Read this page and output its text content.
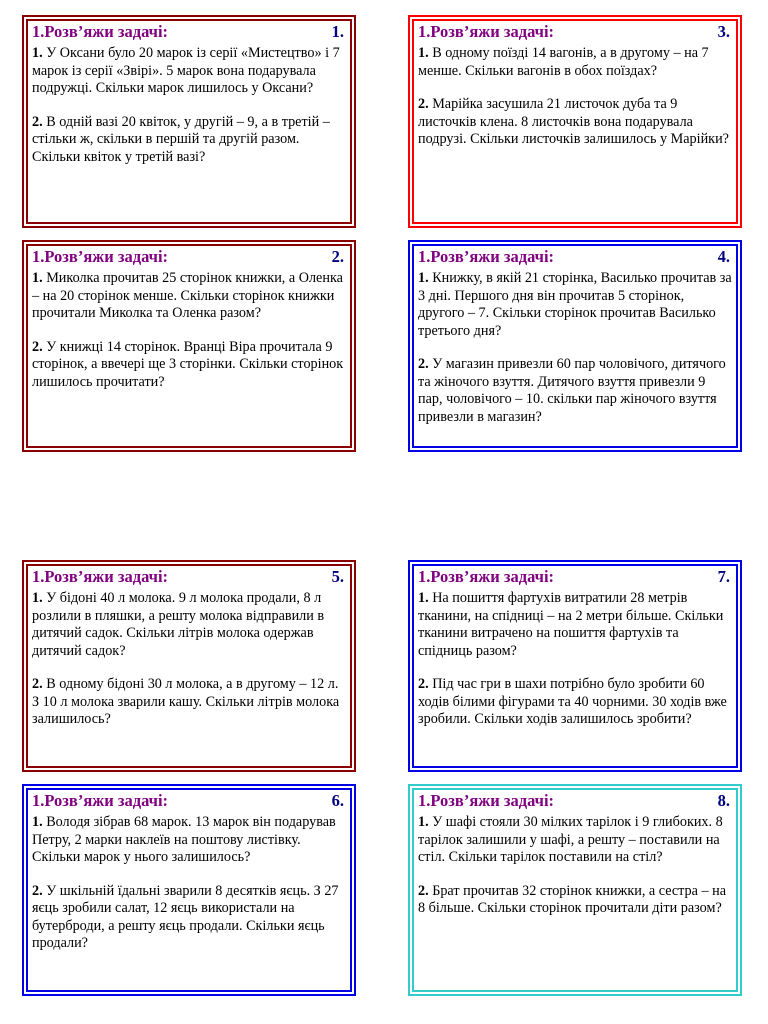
1.Розв’яжи задачі:	1.

1. У Оксани було 20 марок із серії «Мистецтво» і 7 марок із серії «Звірі». 5 марок вона подарувала подружці. Скільки марок лишилось у Оксани?

2. В одній вазі 20 квіток, у другій – 9, а в третій – стільки ж, скільки в першій та другій разом. Скільки квіток у третій вазі?

1.Розв’яжи задачі:	3.

1. В одному поїзді 14 вагонів, а в другому – на 7 менше. Скільки вагонів в обох поїздах?

2. Марійка засушила 21 листочок дуба та 9 листочків клена. 8 листочків вона подарувала подрузі. Скільки листочків залишилось у Марійки?

1.Розв’яжи задачі:	2.

1. Миколка прочитав 25 сторінок книжки, а Оленка – на 20 сторінок менше. Скільки сторінок книжки прочитали Миколка та Оленка разом?

2. У книжці 14 сторінок. Вранці Віра прочитала 9 сторінок, а ввечері ще 3 сторінки. Скільки сторінок лишилось прочитати?

1.Розв’яжи задачі:	4.

1. Книжку, в якій 21 сторінка, Василько прочитав за 3 дні. Першого дня він прочитав 5 сторінок, другого – 7. Скільки сторінок прочитав Василько третього дня?

2. У магазин привезли 60 пар чоловічого, дитячого та жіночого взуття. Дитячого взуття привезли 9 пар, чоловічого – 10. скільки пар жіночого взуття привезли в магазин?

1.Розв’яжи задачі:	5.

1. У бідоні 40 л молока. 9 л молока продали, 8 л розлили в пляшки, а решту молока відправили в дитячий садок. Скільки літрів молока одержав дитячий садок?

2. В одному бідоні 30 л молока, а в другому – 12 л. З 10 л молока зварили кашу. Скільки літрів молока залишилось?

1.Розв’яжи задачі:	7.

1. На пошиття фартухів витратили 28 метрів тканини, на спідниці – на 2 метри більше. Скільки тканини витрачено на пошиття фартухів та спідниць разом?

2. Під час гри в шахи потрібно було зробити 60 ходів білими фігурами та 40 чорними. 30 ходів вже зробили. Скільки ходів залишилось зробити?

1.Розв’яжи задачі:	6.

1. Володя зібрав 68 марок. 13 марок він подарував Петру, 2 марки наклеїв на поштову листівку. Скільки марок у нього залишилось?

2. У шкільній їдальні зварили 8 десятків яєць. З 27 яєць зробили салат, 12 яєць використали на бутерброди, а решту яєць продали. Скільки яєць продали?

1.Розв’яжи задачі:	8.

1. У шафі стояли 30 мілких тарілок і 9 глибоких. 8 тарілок залишили у шафі, а решту – поставили на стіл. Скільки тарілок поставили на стіл?

2. Брат прочитав 32 сторінок книжки, а сестра – на 8 більше. Скільки сторінок прочитали діти разом?
